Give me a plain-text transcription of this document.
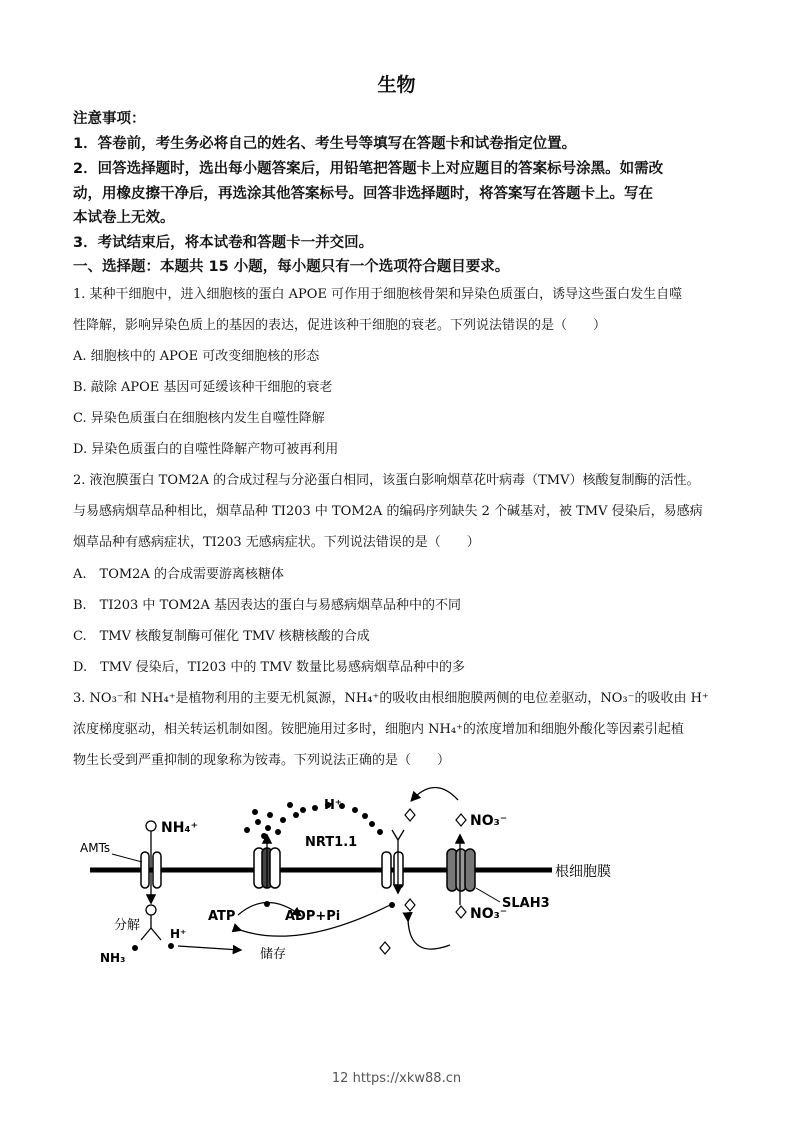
生物
注意事项：
1．答卷前，考生务必将自己的姓名、考生号等填写在答题卡和试卷指定位置。
2．回答选择题时，选出每小题答案后，用铅笔把答题卡上对应题目的答案标号涂黑。如需改
动，用橡皮擦干净后，再选涂其他答案标号。回答非选择题时，将答案写在答题卡上。写在
本试卷上无效。
3．考试结束后，将本试卷和答题卡一并交回。
一、选择题：本题共 15 小题，每小题只有一个选项符合题目要求。
1. 某种干细胞中，进入细胞核的蛋白 APOE 可作用于细胞核骨架和异染色质蛋白，诱导这些蛋白发生自噬
性降解，影响异染色质上的基因的表达，促进该种干细胞的衰老。下列说法错误的是（　　）
A. 细胞核中的 APOE 可改变细胞核的形态
B. 敲除 APOE 基因可延缓该种干细胞的衰老
C. 异染色质蛋白在细胞核内发生自噬性降解
D. 异染色质蛋白的自噬性降解产物可被再利用
2. 液泡膜蛋白 TOM2A 的合成过程与分泌蛋白相同，该蛋白影响烟草花叶病毒（TMV）核酸复制酶的活性。
与易感病烟草品种相比，烟草品种 TI203 中 TOM2A 的编码序列缺失 2 个碱基对，被 TMV 侵染后，易感病
烟草品种有感病症状，TI203 无感病症状。下列说法错误的是（　　）
A.　TOM2A 的合成需要游离核糖体
B.　TI203 中 TOM2A 基因表达的蛋白与易感病烟草品种中的不同
C.　TMV 核酸复制酶可催化 TMV 核糖核酸的合成
D.　TMV 侵染后，TI203 中的 TMV 数量比易感病烟草品种中的多
3. NO₃⁻和 NH₄⁺是植物利用的主要无机氮源，NH₄⁺的吸收由根细胞膜两侧的电位差驱动，NO₃⁻的吸收由 H⁺
浓度梯度驱动，相关转运机制如图。铵肥施用过多时，细胞内 NH₄⁺的浓度增加和细胞外酸化等因素引起植
物生长受到严重抑制的现象称为铵毒。下列说法正确的是（　　）
根细胞膜
AMTs
NH₄⁺
分解
NH₃
H⁺
储存
ATP	ADP+Pi
H⁺
NRT1.1
NO₃⁻
NO₃⁻
SLAH3
12 https://xkw88.cn
